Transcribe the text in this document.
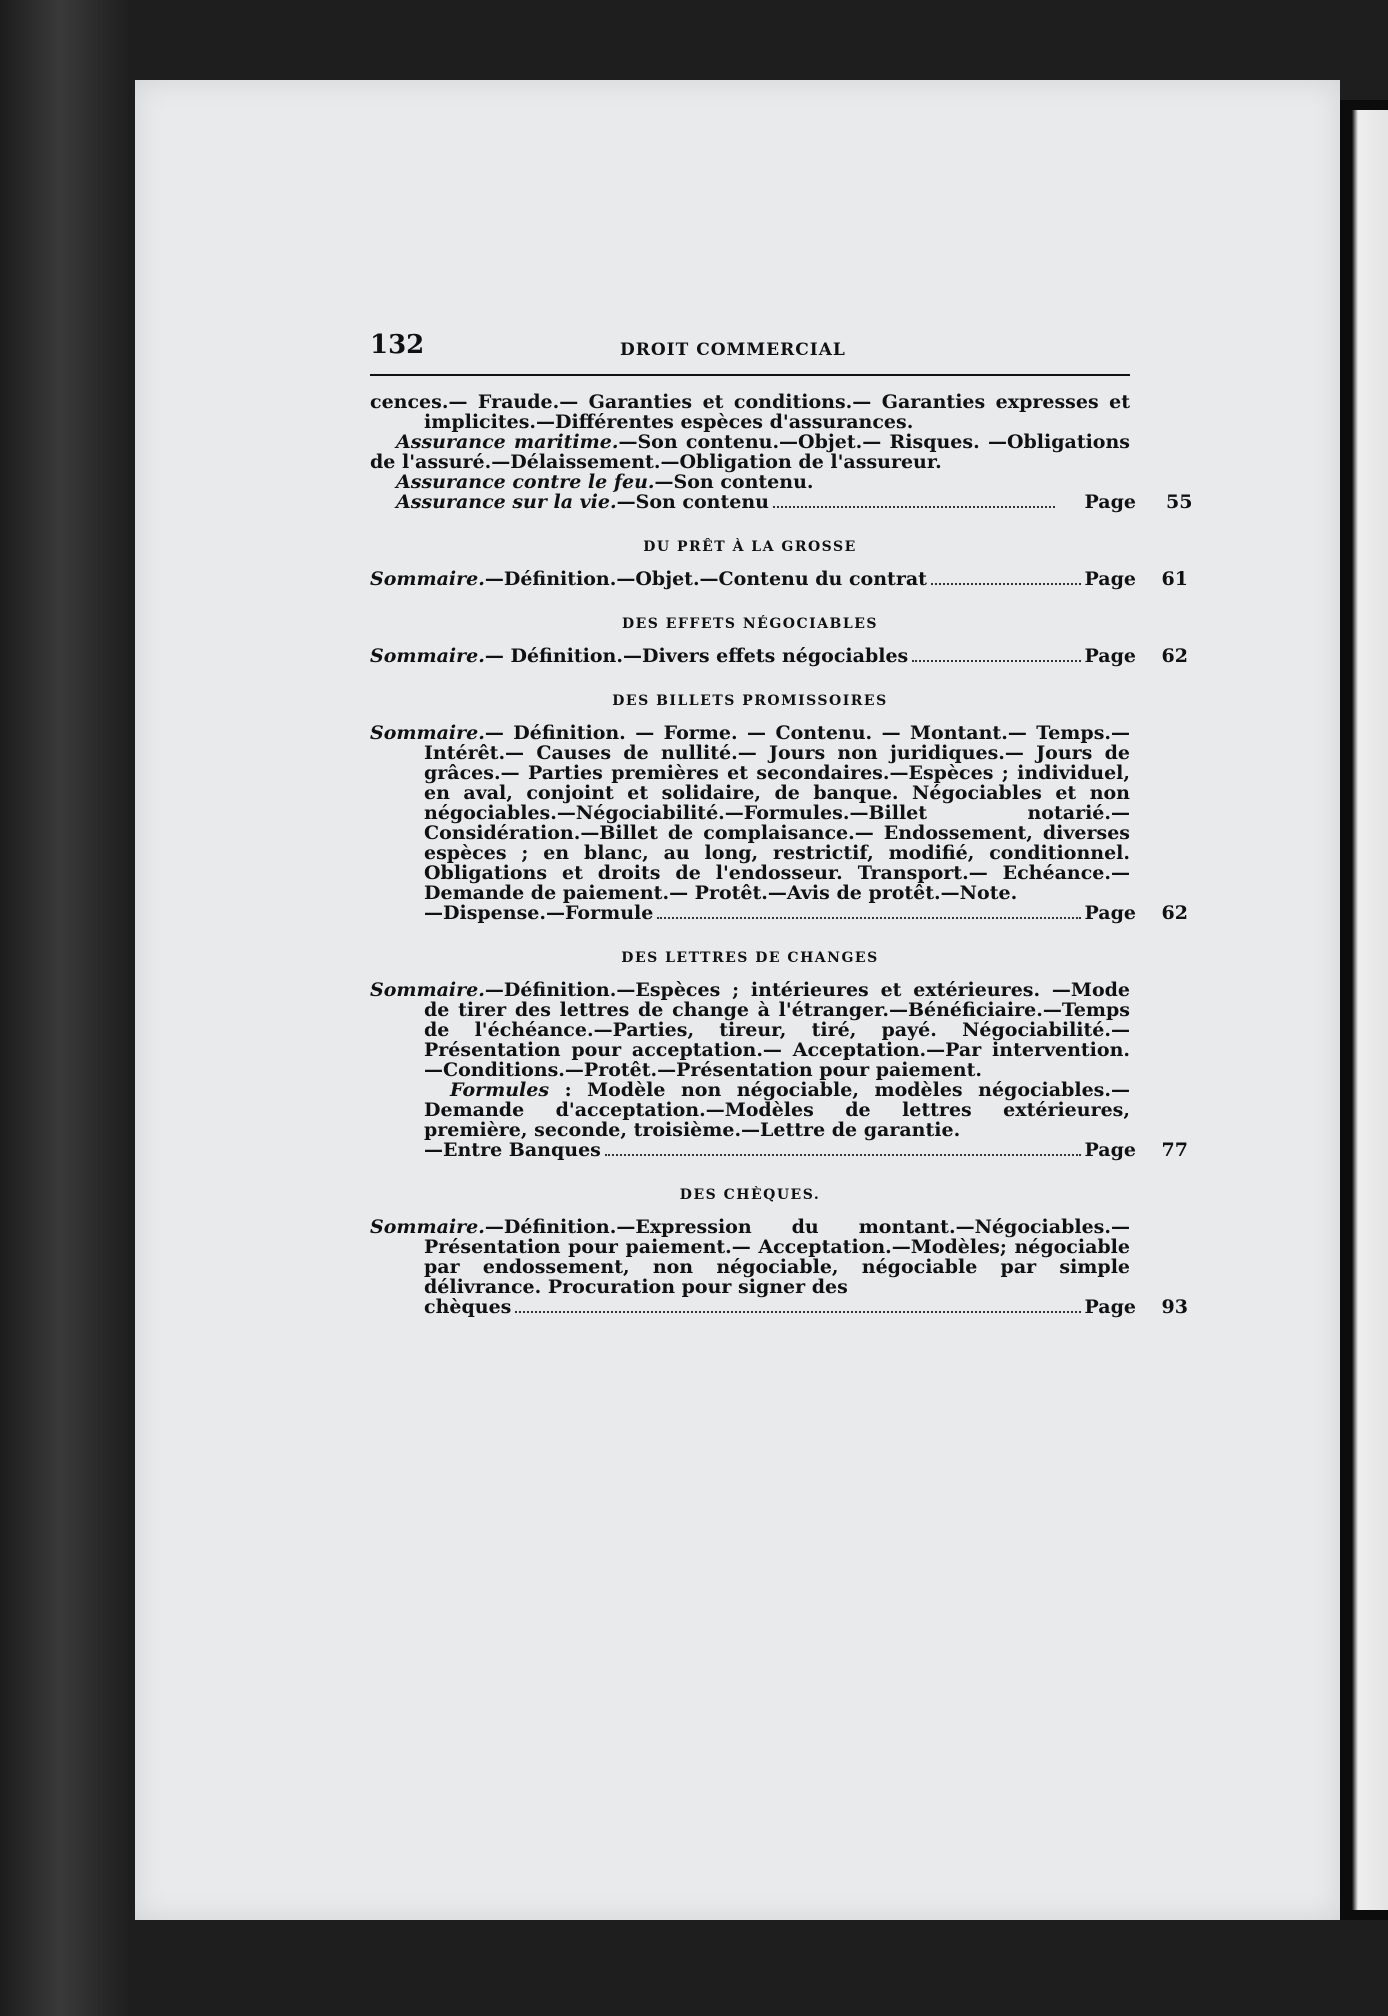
132	DROIT COMMERCIAL

cences.— Fraude.— Garanties et conditions.— Garanties expresses et implicites.—Différentes espèces d'assurances.

Assurance maritime.—Son contenu.—Objet.— Risques. —Obligations de l'assuré.—Délaissement.—Obligation de l'assureur.

Assurance contre le feu.—Son contenu.

Assurance sur la vie.—Son contenu	Page	55

DU PRÊT À LA GROSSE

Sommaire.—Définition.—Objet.—Contenu du contrat	Page	61

DES EFFETS NÉGOCIABLES

Sommaire.— Définition.—Divers effets négociables	Page	62

DES BILLETS PROMISSOIRES

Sommaire.— Définition. — Forme. — Contenu. — Montant.— Temps.— Intérêt.— Causes de nullité.— Jours non juridiques.— Jours de grâces.— Parties premières et secondaires.—Espèces ; individuel, en aval, conjoint et solidaire, de banque. Négociables et non négociables.—Négociabilité.—Formules.—Billet notarié.—Considération.—Billet de complaisance.— Endossement, diverses espèces ; en blanc, au long, restrictif, modifié, conditionnel. Obligations et droits de l'endosseur. Transport.— Echéance.— Demande de paiement.— Protêt.—Avis de protêt.—Note.

—Dispense.—Formule	Page	62

DES LETTRES DE CHANGES

Sommaire.—Définition.—Espèces ; intérieures et extérieures. —Mode de tirer des lettres de change à l'étranger.—Bénéficiaire.—Temps de l'échéance.—Parties, tireur, tiré, payé. Négociabilité.— Présentation pour acceptation.— Acceptation.—Par intervention.—Conditions.—Protêt.—Présentation pour paiement.

Formules : Modèle non négociable, modèles négociables.—Demande d'acceptation.—Modèles de lettres extérieures, première, seconde, troisième.—Lettre de garantie.

—Entre Banques	Page	77

DES CHÈQUES.

Sommaire.—Définition.—Expression du montant.—Négociables.—Présentation pour paiement.— Acceptation.—Modèles; négociable par endossement, non négociable, négociable par simple délivrance. Procuration pour signer des

chèques	Page	93
